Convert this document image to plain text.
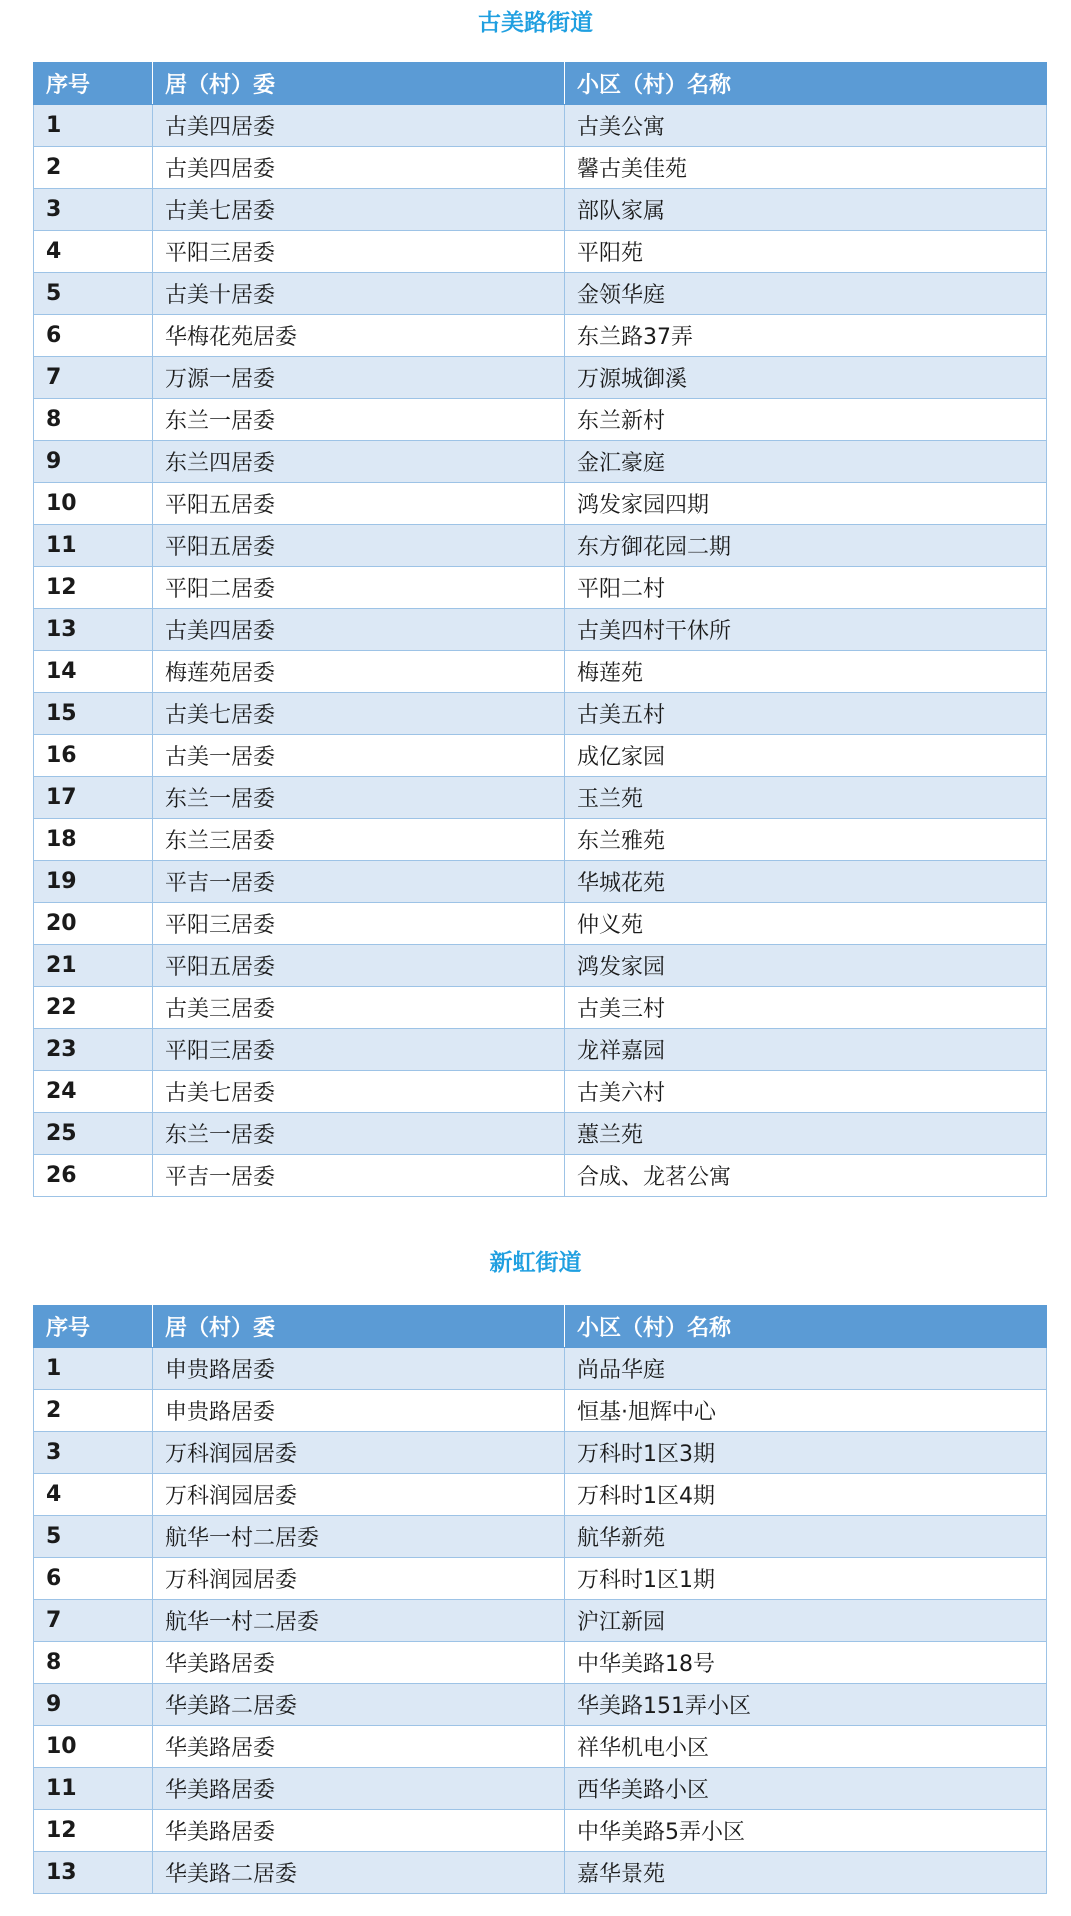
古美路街道
序号	居（村）委	小区（村）名称
1	古美四居委	古美公寓
2	古美四居委	馨古美佳苑
3	古美七居委	部队家属
4	平阳三居委	平阳苑
5	古美十居委	金领华庭
6	华梅花苑居委	东兰路37弄
7	万源一居委	万源城御溪
8	东兰一居委	东兰新村
9	东兰四居委	金汇豪庭
10	平阳五居委	鸿发家园四期
11	平阳五居委	东方御花园二期
12	平阳二居委	平阳二村
13	古美四居委	古美四村干休所
14	梅莲苑居委	梅莲苑
15	古美七居委	古美五村
16	古美一居委	成亿家园
17	东兰一居委	玉兰苑
18	东兰三居委	东兰雅苑
19	平吉一居委	华城花苑
20	平阳三居委	仲义苑
21	平阳五居委	鸿发家园
22	古美三居委	古美三村
23	平阳三居委	龙祥嘉园
24	古美七居委	古美六村
25	东兰一居委	蕙兰苑
26	平吉一居委	合成、龙茗公寓
新虹街道
序号	居（村）委	小区（村）名称
1	申贵路居委	尚品华庭
2	申贵路居委	恒基·旭辉中心
3	万科润园居委	万科时1区3期
4	万科润园居委	万科时1区4期
5	航华一村二居委	航华新苑
6	万科润园居委	万科时1区1期
7	航华一村二居委	沪江新园
8	华美路居委	中华美路18号
9	华美路二居委	华美路151弄小区
10	华美路居委	祥华机电小区
11	华美路居委	西华美路小区
12	华美路居委	中华美路5弄小区
13	华美路二居委	嘉华景苑
